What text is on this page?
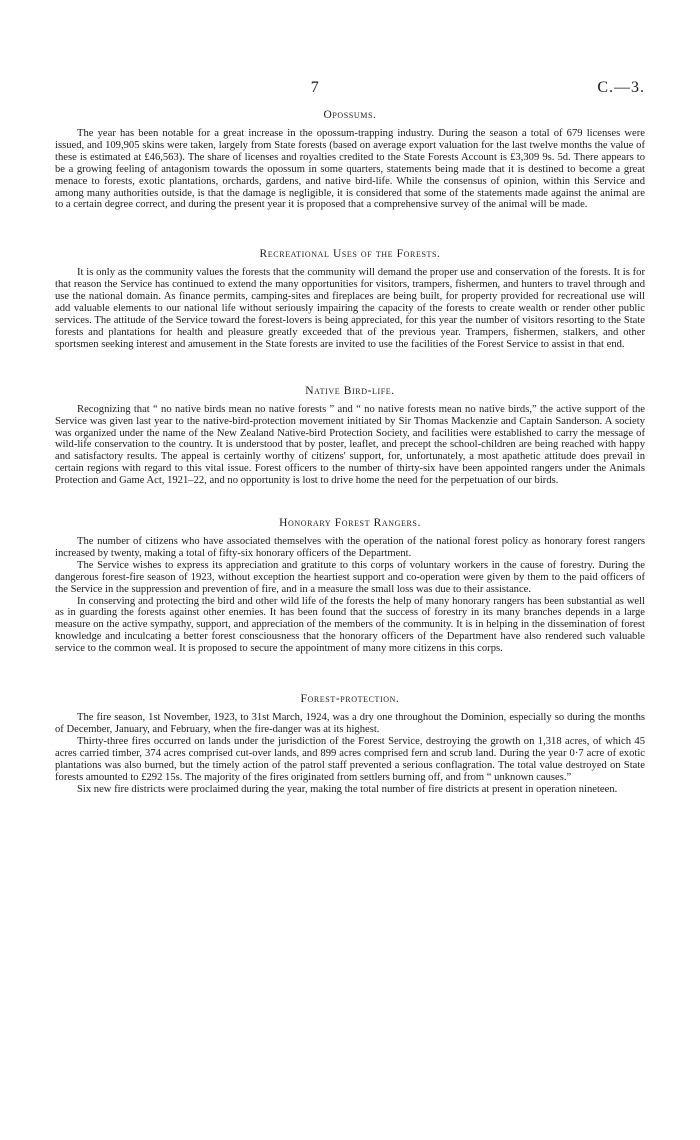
7	C.—3.
Opossums.

The year has been notable for a great increase in the opossum-trapping industry. During the season a total of 679 licenses were issued, and 109,905 skins were taken, largely from State forests (based on average export valuation for the last twelve months the value of these is estimated at £46,563). The share of licenses and royalties credited to the State Forests Account is £3,309 9s. 5d. There appears to be a growing feeling of antagonism towards the opossum in some quarters, statements being made that it is destined to become a great menace to forests, exotic plantations, orchards, gardens, and native bird-life. While the consensus of opinion, within this Service and among many authorities outside, is that the damage is negligible, it is considered that some of the statements made against the animal are to a certain degree correct, and during the present year it is proposed that a comprehensive survey of the animal will be made.

Recreational Uses of the Forests.

It is only as the community values the forests that the community will demand the proper use and conservation of the forests. It is for that reason the Service has continued to extend the many opportunities for visitors, trampers, fishermen, and hunters to travel through and use the national domain. As finance permits, camping-sites and fireplaces are being built, for property provided for recreational use will add valuable elements to our national life without seriously impairing the capacity of the forests to create wealth or render other public services. The attitude of the Service toward the forest-lovers is being appreciated, for this year the number of visitors resorting to the State forests and plantations for health and pleasure greatly exceeded that of the previous year. Trampers, fishermen, stalkers, and other sportsmen seeking interest and amusement in the State forests are invited to use the facilities of the Forest Service to assist in that end.

Native Bird-life.

Recognizing that “ no native birds mean no native forests ” and “ no native forests mean no native birds,” the active support of the Service was given last year to the native-bird-protection movement initiated by Sir Thomas Mackenzie and Captain Sanderson. A society was organized under the name of the New Zealand Native-bird Protection Society, and facilities were established to carry the message of wild-life conservation to the country. It is understood that by poster, leaflet, and precept the school-children are being reached with happy and satisfactory results. The appeal is certainly worthy of citizens' support, for, unfortunately, a most apathetic attitude does prevail in certain regions with regard to this vital issue. Forest officers to the number of thirty-six have been appointed rangers under the Animals Protection and Game Act, 1921–22, and no opportunity is lost to drive home the need for the perpetuation of our birds.

Honorary Forest Rangers.

The number of citizens who have associated themselves with the operation of the national forest policy as honorary forest rangers increased by twenty, making a total of fifty-six honorary officers of the Department.

The Service wishes to express its appreciation and gratitute to this corps of voluntary workers in the cause of forestry. During the dangerous forest-fire season of 1923, without exception the heartiest support and co-operation were given by them to the paid officers of the Service in the suppression and prevention of fire, and in a measure the small loss was due to their assistance.

In conserving and protecting the bird and other wild life of the forests the help of many honorary rangers has been substantial as well as in guarding the forests against other enemies. It has been found that the success of forestry in its many branches depends in a large measure on the active sympathy, support, and appreciation of the members of the community. It is in helping in the dissemination of forest knowledge and inculcating a better forest consciousness that the honorary officers of the Department have also rendered such valuable service to the common weal. It is proposed to secure the appointment of many more citizens in this corps.

Forest-protection.

The fire season, 1st November, 1923, to 31st March, 1924, was a dry one throughout the Dominion, especially so during the months of December, January, and February, when the fire-danger was at its highest.

Thirty-three fires occurred on lands under the jurisdiction of the Forest Service, destroying the growth on 1,318 acres, of which 45 acres carried timber, 374 acres comprised cut-over lands, and 899 acres comprised fern and scrub land. During the year 0·7 acre of exotic plantations was also burned, but the timely action of the patrol staff prevented a serious conflagration. The total value destroyed on State forests amounted to £292 15s. The majority of the fires originated from settlers burning off, and from “ unknown causes.”

Six new fire districts were proclaimed during the year, making the total number of fire districts at present in operation nineteen.
